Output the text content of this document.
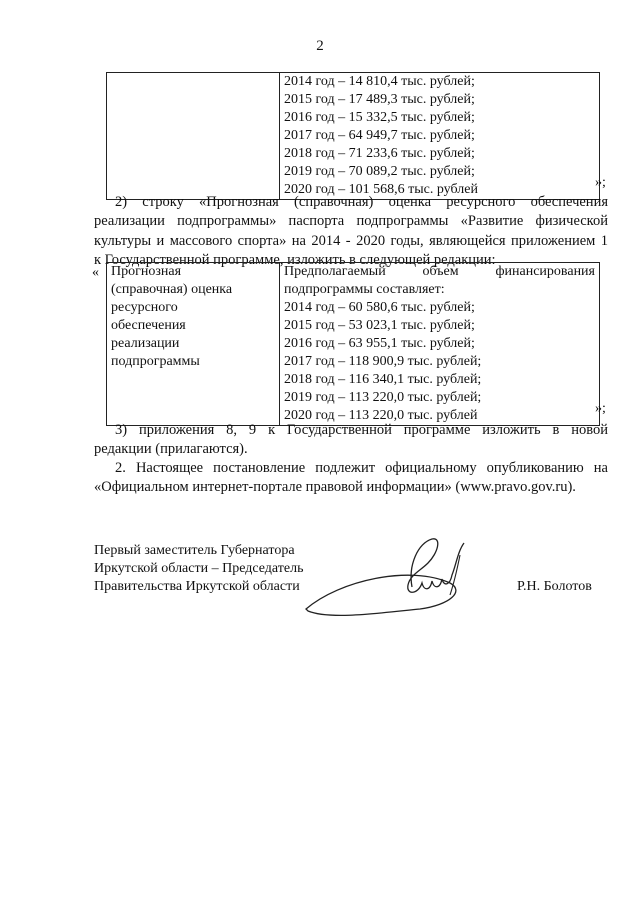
2

2014 год – 14 810,4 тыс. рублей;
2015 год – 17 489,3 тыс. рублей;
2016 год – 15 332,5 тыс. рублей;
2017 год – 64 949,7 тыс. рублей;
2018 год – 71 233,6 тыс. рублей;
2019 год – 70 089,2 тыс. рублей;
2020 год – 101 568,6 тыс. рублей	»;
2) строку «Прогнозная (справочная) оценка ресурсного обеспечения
реализации подпрограммы» паспорта подпрограммы «Развитие физической
культуры и массового спорта» на 2014 - 2020 годы, являющейся приложением 1
к Государственной программе, изложить в следующей редакции:
« Прогнозная
(справочная) оценка
ресурсного
обеспечения
реализации
подпрограммы

Предполагаемый объем финансирования
подпрограммы составляет:
2014 год – 60 580,6 тыс. рублей;
2015 год – 53 023,1 тыс. рублей;
2016 год – 63 955,1 тыс. рублей;
2017 год – 118 900,9 тыс. рублей;
2018 год – 116 340,1 тыс. рублей;
2019 год – 113 220,0 тыс. рублей;
2020 год – 113 220,0 тыс. рублей	»;
3) приложения 8, 9 к Государственной программе изложить в новой
редакции (прилагаются).
2. Настоящее постановление подлежит официальному опубликованию на
«Официальном интернет-портале правовой информации» (www.pravo.gov.ru).
Первый заместитель Губернатора
Иркутской области – Председатель
Правительства Иркутской области	Р.Н. Болотов
